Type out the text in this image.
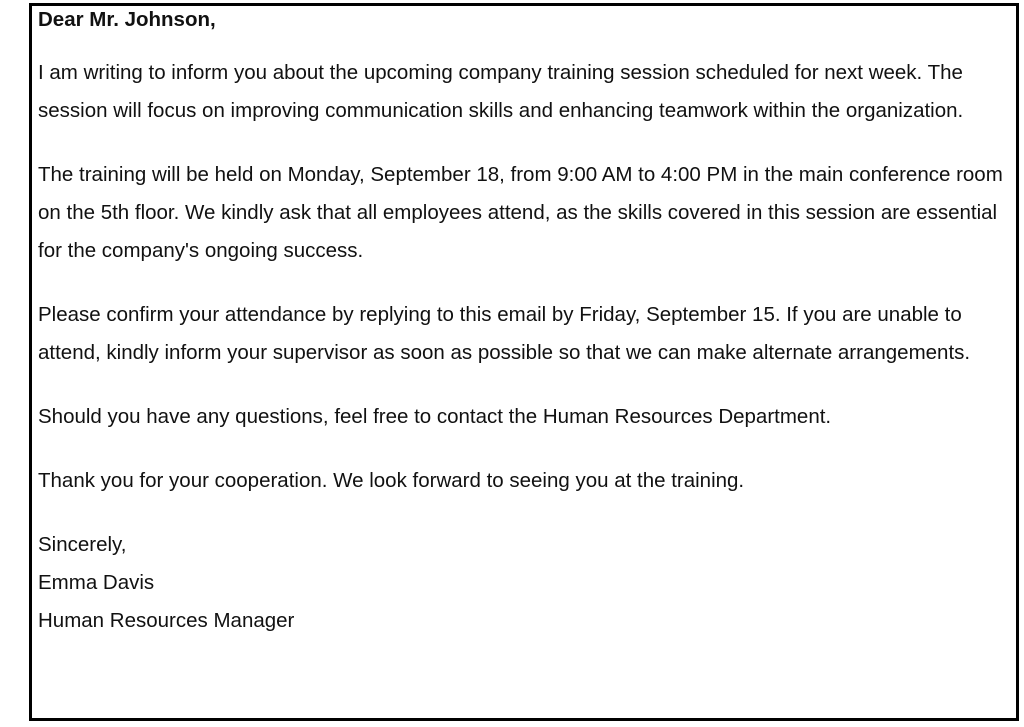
Dear Mr. Johnson,

I am writing to inform you about the upcoming company training session scheduled for next week. The session will focus on improving communication skills and enhancing teamwork within the organization.

The training will be held on Monday, September 18, from 9:00 AM to 4:00 PM in the main conference room on the 5th floor. We kindly ask that all employees attend, as the skills covered in this session are essential for the company's ongoing success.

Please confirm your attendance by replying to this email by Friday, September 15. If you are unable to attend, kindly inform your supervisor as soon as possible so that we can make alternate arrangements.

Should you have any questions, feel free to contact the Human Resources Department.

Thank you for your cooperation. We look forward to seeing you at the training.

Sincerely,
Emma Davis
Human Resources Manager
